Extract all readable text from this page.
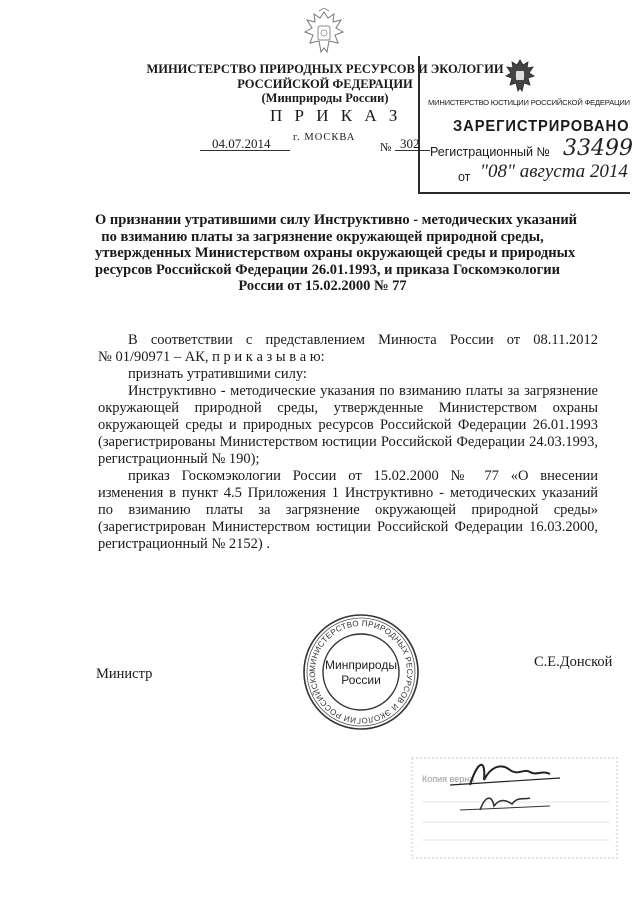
МИНИСТЕРСТВО ПРИРОДНЫХ РЕСУРСОВ И ЭКОЛОГИИ
РОССИЙСКОЙ ФЕДЕРАЦИИ
(Минприроды России)
П Р И К А З
г. МОСКВА
04.07.2014	№ 302
МИНИСТЕРСТВО ЮСТИЦИИ РОССИЙСКОЙ ФЕДЕРАЦИИ
ЗАРЕГИСТРИРОВАНО
Регистрационный № 33499
от "08" августа 2014
О признании утратившими силу Инструктивно - методических указаний
по взиманию платы за загрязнение окружающей природной среды,
утвержденных Министерством охраны окружающей среды и природных
ресурсов Российской Федерации 26.01.1993, и приказа Госкомэкологии
России от 15.02.2000 № 77
В соответствии с представлением Минюста России от 08.11.2012
№ 01/90971 – АК, п р и к а з ы в а ю:
признать утратившими силу:
Инструктивно - методические указания по взиманию платы за загрязнение
окружающей природной среды, утвержденные Министерством охраны
окружающей среды и природных ресурсов Российской Федерации 26.01.1993
(зарегистрированы Министерством юстиции Российской Федерации 24.03.1993,
регистрационный № 190);
приказ Госкомэкологии России от 15.02.2000 № 77 «О внесении
изменения в пункт 4.5 Приложения 1 Инструктивно - методических указаний
по взиманию платы за загрязнение окружающей природной среды»
(зарегистрирован Министерством юстиции Российской Федерации 16.03.2000,
регистрационный № 2152) .
МИНИСТЕРСТВО ПРИРОДНЫХ РЕСУРСОВ И ЭКОЛОГИИ РОССИЙСКО
Минприроды
России
Министр
С.Е.Донской
Копия верна
